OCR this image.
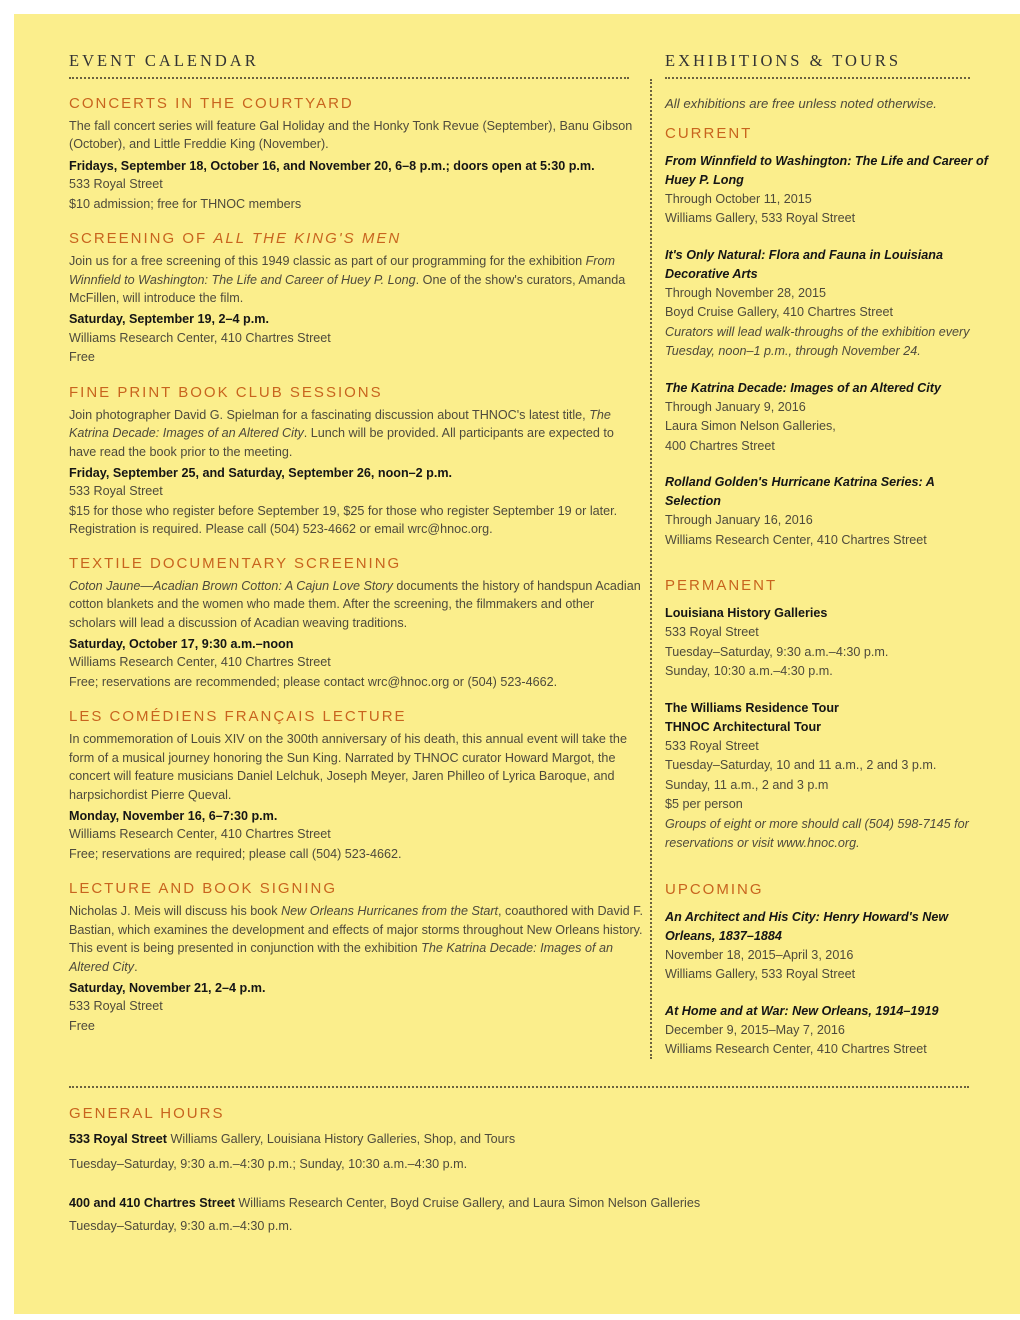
EVENT CALENDAR	EXHIBITIONS & TOURS
CONCERTS IN THE COURTYARD
The fall concert series will feature Gal Holiday and the Honky Tonk Revue (September), Banu Gibson (October), and Little Freddie King (November).
Fridays, September 18, October 16, and November 20, 6–8 p.m.; doors open at 5:30 p.m.
533 Royal Street
$10 admission; free for THNOC members
SCREENING OF ALL THE KING'S MEN
Join us for a free screening of this 1949 classic as part of our programming for the exhibition From Winnfield to Washington: The Life and Career of Huey P. Long. One of the show's curators, Amanda McFillen, will introduce the film.
Saturday, September 19, 2–4 p.m.
Williams Research Center, 410 Chartres Street
Free
FINE PRINT BOOK CLUB SESSIONS
Join photographer David G. Spielman for a fascinating discussion about THNOC's latest title, The Katrina Decade: Images of an Altered City. Lunch will be provided. All participants are expected to have read the book prior to the meeting.
Friday, September 25, and Saturday, September 26, noon–2 p.m.
533 Royal Street
$15 for those who register before September 19, $25 for those who register September 19 or later. Registration is required. Please call (504) 523-4662 or email wrc@hnoc.org.
TEXTILE DOCUMENTARY SCREENING
Coton Jaune—Acadian Brown Cotton: A Cajun Love Story documents the history of handspun Acadian cotton blankets and the women who made them. After the screening, the filmmakers and other scholars will lead a discussion of Acadian weaving traditions.
Saturday, October 17, 9:30 a.m.–noon
Williams Research Center, 410 Chartres Street
Free; reservations are recommended; please contact wrc@hnoc.org or (504) 523-4662.
LES COMÉDIENS FRANÇAIS LECTURE
In commemoration of Louis XIV on the 300th anniversary of his death, this annual event will take the form of a musical journey honoring the Sun King. Narrated by THNOC curator Howard Margot, the concert will feature musicians Daniel Lelchuk, Joseph Meyer, Jaren Philleo of Lyrica Baroque, and harpsichordist Pierre Queval.
Monday, November 16, 6–7:30 p.m.
Williams Research Center, 410 Chartres Street
Free; reservations are required; please call (504) 523-4662.
LECTURE AND BOOK SIGNING
Nicholas J. Meis will discuss his book New Orleans Hurricanes from the Start, coauthored with David F. Bastian, which examines the development and effects of major storms throughout New Orleans history. This event is being presented in conjunction with the exhibition The Katrina Decade: Images of an Altered City.
Saturday, November 21, 2–4 p.m.
533 Royal Street
Free
All exhibitions are free unless noted otherwise.
CURRENT
From Winnfield to Washington: The Life and Career of Huey P. Long
Through October 11, 2015
Williams Gallery, 533 Royal Street
It's Only Natural: Flora and Fauna in Louisiana Decorative Arts
Through November 28, 2015
Boyd Cruise Gallery, 410 Chartres Street
Curators will lead walk-throughs of the exhibition every Tuesday, noon–1 p.m., through November 24.
The Katrina Decade: Images of an Altered City
Through January 9, 2016
Laura Simon Nelson Galleries,
400 Chartres Street
Rolland Golden's Hurricane Katrina Series: A Selection
Through January 16, 2016
Williams Research Center, 410 Chartres Street
PERMANENT
Louisiana History Galleries
533 Royal Street
Tuesday–Saturday, 9:30 a.m.–4:30 p.m.
Sunday, 10:30 a.m.–4:30 p.m.
The Williams Residence Tour
THNOC Architectural Tour
533 Royal Street
Tuesday–Saturday, 10 and 11 a.m., 2 and 3 p.m.
Sunday, 11 a.m., 2 and 3 p.m
$5 per person
Groups of eight or more should call (504) 598-7145 for reservations or visit www.hnoc.org.
UPCOMING
An Architect and His City: Henry Howard's New Orleans, 1837–1884
November 18, 2015–April 3, 2016
Williams Gallery, 533 Royal Street
At Home and at War: New Orleans, 1914–1919
December 9, 2015–May 7, 2016
Williams Research Center, 410 Chartres Street
GENERAL HOURS
533 Royal Street Williams Gallery, Louisiana History Galleries, Shop, and Tours
Tuesday–Saturday, 9:30 a.m.–4:30 p.m.; Sunday, 10:30 a.m.–4:30 p.m.
400 and 410 Chartres Street Williams Research Center, Boyd Cruise Gallery, and Laura Simon Nelson Galleries
Tuesday–Saturday, 9:30 a.m.–4:30 p.m.
